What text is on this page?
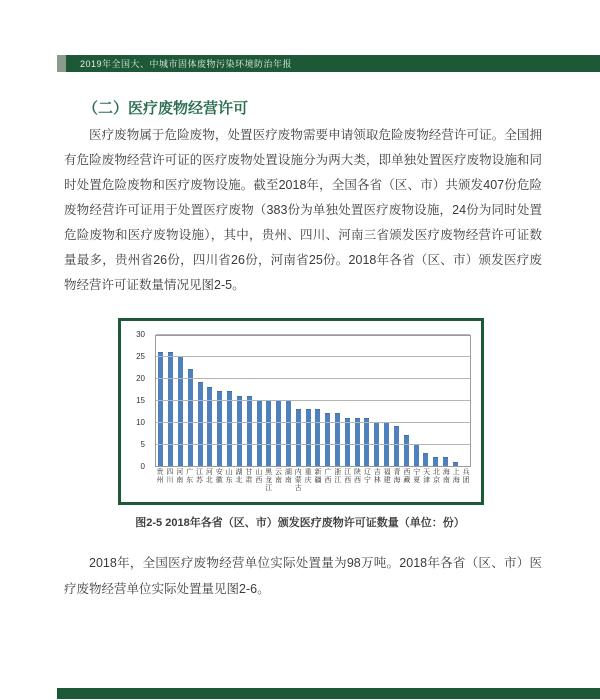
2019年全国大、中城市固体废物污染环境防治年报
（二）医疗废物经营许可
医疗废物属于危险废物，处置医疗废物需要申请领取危险废物经营许可证。全国拥有危险废物经营许可证的医疗废物处置设施分为两大类，即单独处置医疗废物设施和同时处置危险废物和医疗废物设施。截至2018年，全国各省（区、市）共颁发407份危险废物经营许可证用于处置医疗废物（383份为单独处置医疗废物设施，24份为同时处置危险废物和医疗废物设施），其中，贵州、四川、河南三省颁发医疗废物经营许可证数量最多，贵州省26份，四川省26份，河南省25份。2018年各省（区、市）颁发医疗废物经营许可证数量情况见图2-5。
0
5
10
15
20
25
30
贵州
四川
河南
广东
江苏
河北
安徽
山东
湖北
甘肃
山西
黑龙江
云南
湖南
内蒙古
重庆
新疆
广西
浙江
江西
陕西
辽宁
吉林
福建
青海
西藏
宁夏
天津
北京
海南
上海
兵团
图2-5 2018年各省（区、市）颁发医疗废物许可证数量（单位：份）
2018年，全国医疗废物经营单位实际处置量为98万吨。2018年各省（区、市）医疗废物经营单位实际处置量见图2-6。
